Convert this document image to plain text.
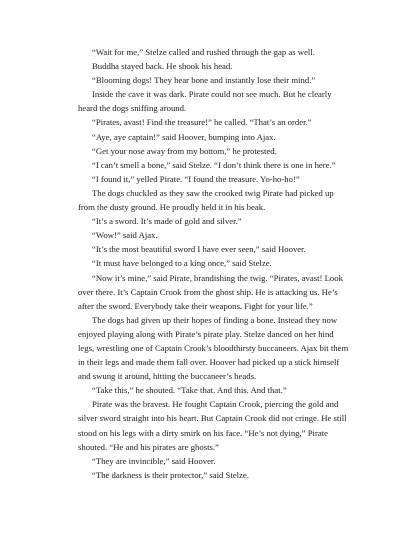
“Wait for me,” Stelze called and rushed through the gap as well.

Buddha stayed back. He shook his head.

“Blooming dogs! They hear bone and instantly lose their mind.”

Inside the cave it was dark. Pirate could not see much. But he clearly heard the dogs sniffing around.

“Pirates, avast! Find the treasure!” he called. “That’s an order.”

“Aye, aye captain!” said Hoover, bumping into Ajax.

“Get your nose away from my bottom,” he protested.

“I can’t smell a bone,” said Stelze. “I don’t think there is one in here.”

“I found it,” yelled Pirate. “I found the treasure. Yo-ho-ho!”

The dogs chuckled as they saw the crooked twig Pirate had picked up from the dusty ground. He proudly held it in his beak.

“It’s a sword. It’s made of gold and silver.”

“Wow!” said Ajax.

“It’s the most beautiful sword I have ever seen,” said Hoover.

“It must have belonged to a king once,” said Stelze.

“Now it’s mine,” said Pirate, brandishing the twig. “Pirates, avast! Look over there. It’s Captain Crook from the ghost ship. He is attacking us. He’s after the sword. Everybody take their weapons. Fight for your life.”

The dogs had given up their hopes of finding a bone. Instead they now enjoyed playing along with Pirate’s pirate play. Stelze danced on her hind legs, wrestling one of Captain Crook’s bloodthirsty buccaneers. Ajax bit them in their legs and made them fall over. Hoover had picked up a stick himself and swung it around, hitting the buccaneer’s heads.

“Take this,” he shouted. “Take that. And this. And that.”

Pirate was the bravest. He fought Captain Crook, piercing the gold and silver sword straight into his heart. But Captain Crook did not cringe. He still stood on his legs with a dirty smirk on his face. “He’s not dying,” Pirate shouted. “He and his pirates are ghosts.”

“They are invincible,” said Hoover.

“The darkness is their protector,” said Stelze.
